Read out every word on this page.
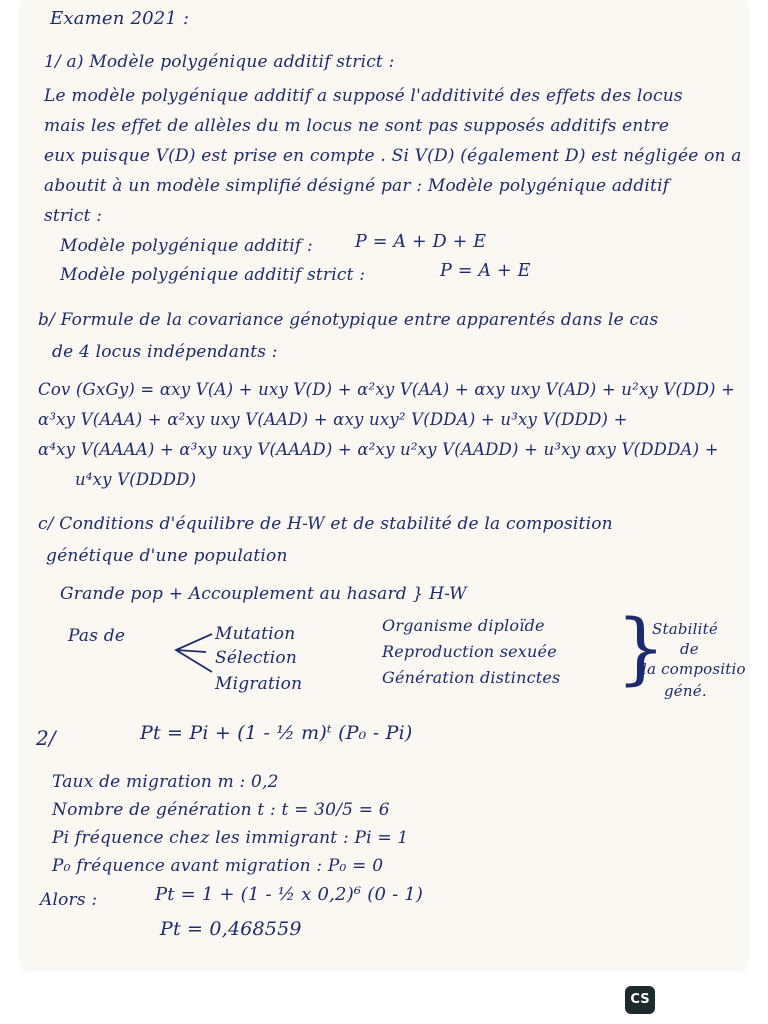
Examen 2021 :
1/ a) Modèle polygénique additif strict :
Le modèle polygénique additif a supposé l'additivité des effets des locus
mais les effet de allèles du m locus ne sont pas supposés additifs entre
eux puisque V(D) est prise en compte . Si V(D) (également D) est négligée on a
aboutit à un modèle simplifié désigné par : Modèle polygénique additif
strict :
Modèle polygénique additif : P = A + D + E
Modèle polygénique additif strict :	P = A + E
b/ Formule de la covariance génotypique entre apparentés dans le cas
de 4 locus indépendants :
Cov (GxGy) = αxy V(A) + uxy V(D) + α²xy V(AA) + αxy uxy V(AD) + u²xy V(DD) +
α³xy V(AAA) + α²xy uxy V(AAD) + αxy uxy² V(DDA) + u³xy V(DDD) +
α⁴xy V(AAAA) + α³xy uxy V(AAAD) + α²xy u²xy V(AADD) + u³xy αxy V(DDDA) +
u⁴xy V(DDDD)
c/ Conditions d'équilibre de H-W et de stabilité de la composition
génétique d'une population
Grande pop + Accouplement au hasard } H-W
Pas de	Mutation
Sélection
Migration
Organisme diploïde
Reproduction sexuée
Génération distinctes }
Stabilité
de
la compositio
géné.
2/	Pt = Pi + (1 - ½ m)ᵗ (P₀ - Pi)
Taux de migration m : 0,2
Nombre de génération t : t = 30/5 = 6
Pi fréquence chez les immigrant : Pi = 1
P₀ fréquence avant migration : P₀ = 0
Alors :	Pt = 1 + (1 - ½ x 0,2)⁶ (0 - 1)
Pt = 0,468559
CS
